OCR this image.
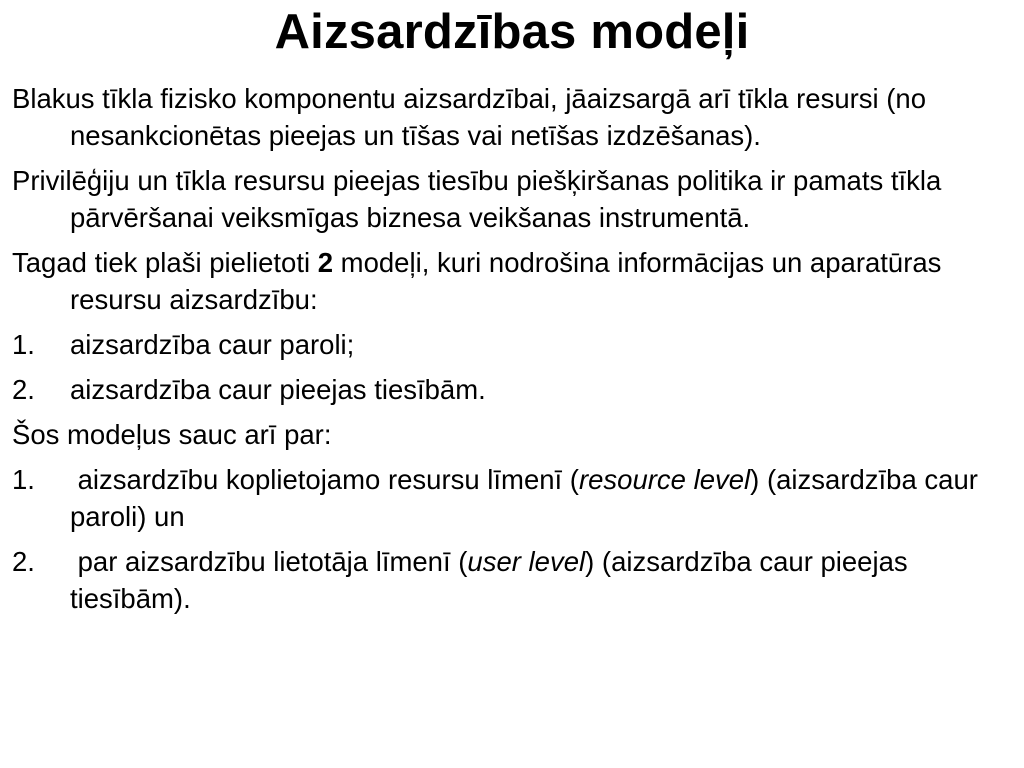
Aizsardzības modeļi
Blakus tīkla fizisko komponentu aizsardzībai, jāaizsargā arī tīkla resursi (no nesankcionētas pieejas un tīšas vai netīšas izdzēšanas).
Privilēģiju un tīkla resursu pieejas tiesību piešķiršanas politika ir pamats tīkla pārvēršanai veiksmīgas biznesa veikšanas instrumentā.
Tagad tiek plaši pielietoti 2 modeļi, kuri nodrošina informācijas un aparatūras resursu aizsardzību:
1. aizsardzība caur paroli;
2. aizsardzība caur pieejas tiesībām.
Šos modeļus sauc arī par:
1. aizsardzību koplietojamo resursu līmenī (resource level) (aizsardzība caur paroli) un
2. par aizsardzību lietotāja līmenī (user level) (aizsardzība caur pieejas tiesībām).
